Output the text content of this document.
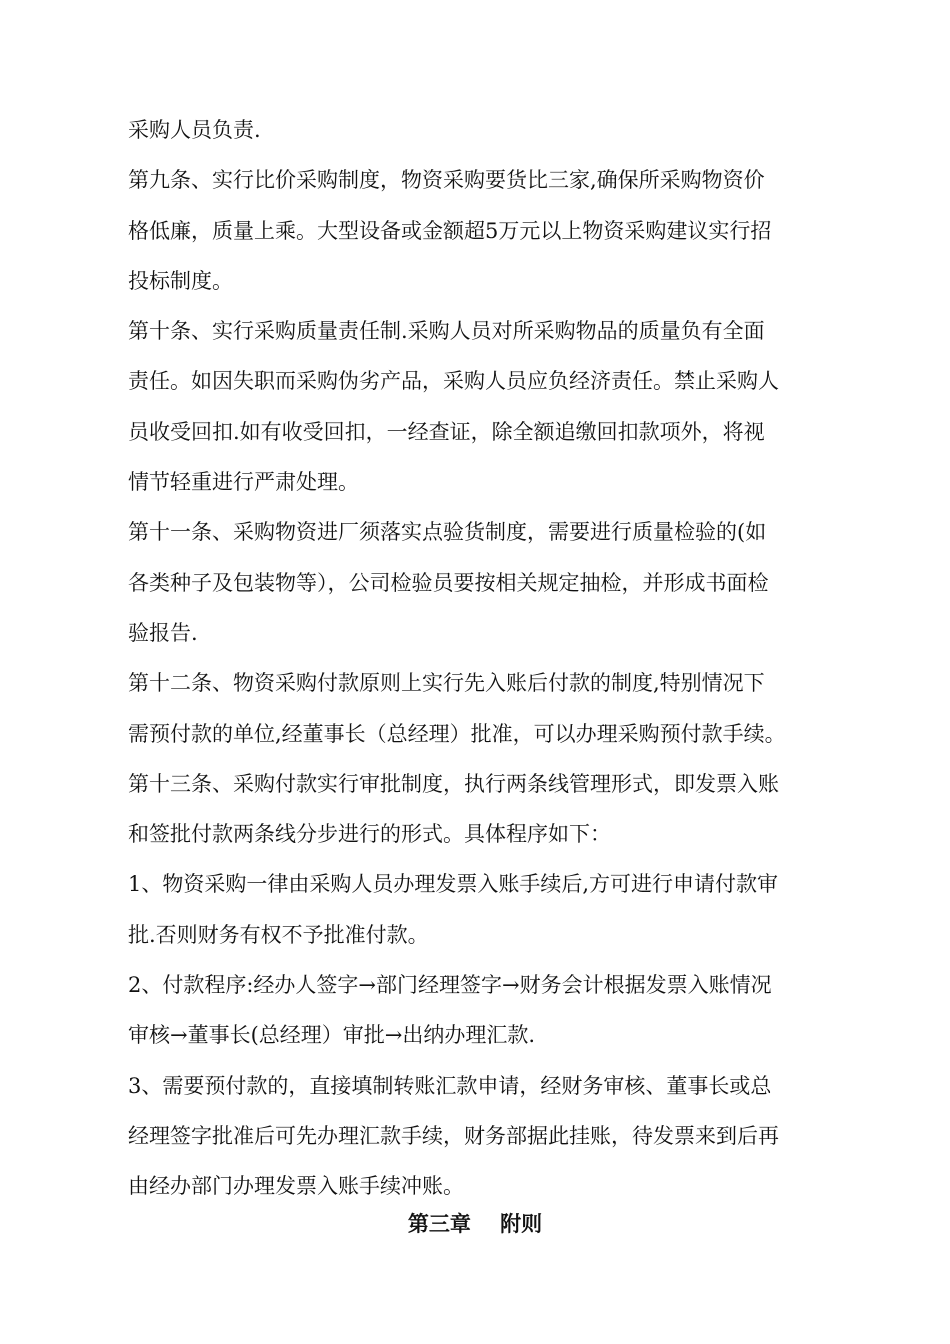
采购人员负责.
第九条、实行比价采购制度，物资采购要货比三家,确保所采购物资价
格低廉，质量上乘。大型设备或金额超5万元以上物资采购建议实行招
投标制度。
第十条、实行采购质量责任制.采购人员对所采购物品的质量负有全面
责任。如因失职而采购伪劣产品，采购人员应负经济责任。禁止采购人
员收受回扣.如有收受回扣，一经查证，除全额追缴回扣款项外，将视
情节轻重进行严肃处理。
第十一条、采购物资进厂须落实点验货制度，需要进行质量检验的(如
各类种子及包装物等），公司检验员要按相关规定抽检，并形成书面检
验报告.
第十二条、物资采购付款原则上实行先入账后付款的制度,特别情况下
需预付款的单位,经董事长（总经理）批准，可以办理采购预付款手续。
第十三条、采购付款实行审批制度，执行两条线管理形式，即发票入账
和签批付款两条线分步进行的形式。具体程序如下：
1、物资采购一律由采购人员办理发票入账手续后,方可进行申请付款审
批.否则财务有权不予批准付款。
2、付款程序:经办人签字→部门经理签字→财务会计根据发票入账情况
审核→董事长(总经理）审批→出纳办理汇款.
3、需要预付款的，直接填制转账汇款申请，经财务审核、董事长或总
经理签字批准后可先办理汇款手续，财务部据此挂账，待发票来到后再
由经办部门办理发票入账手续冲账。
第三章    附则
